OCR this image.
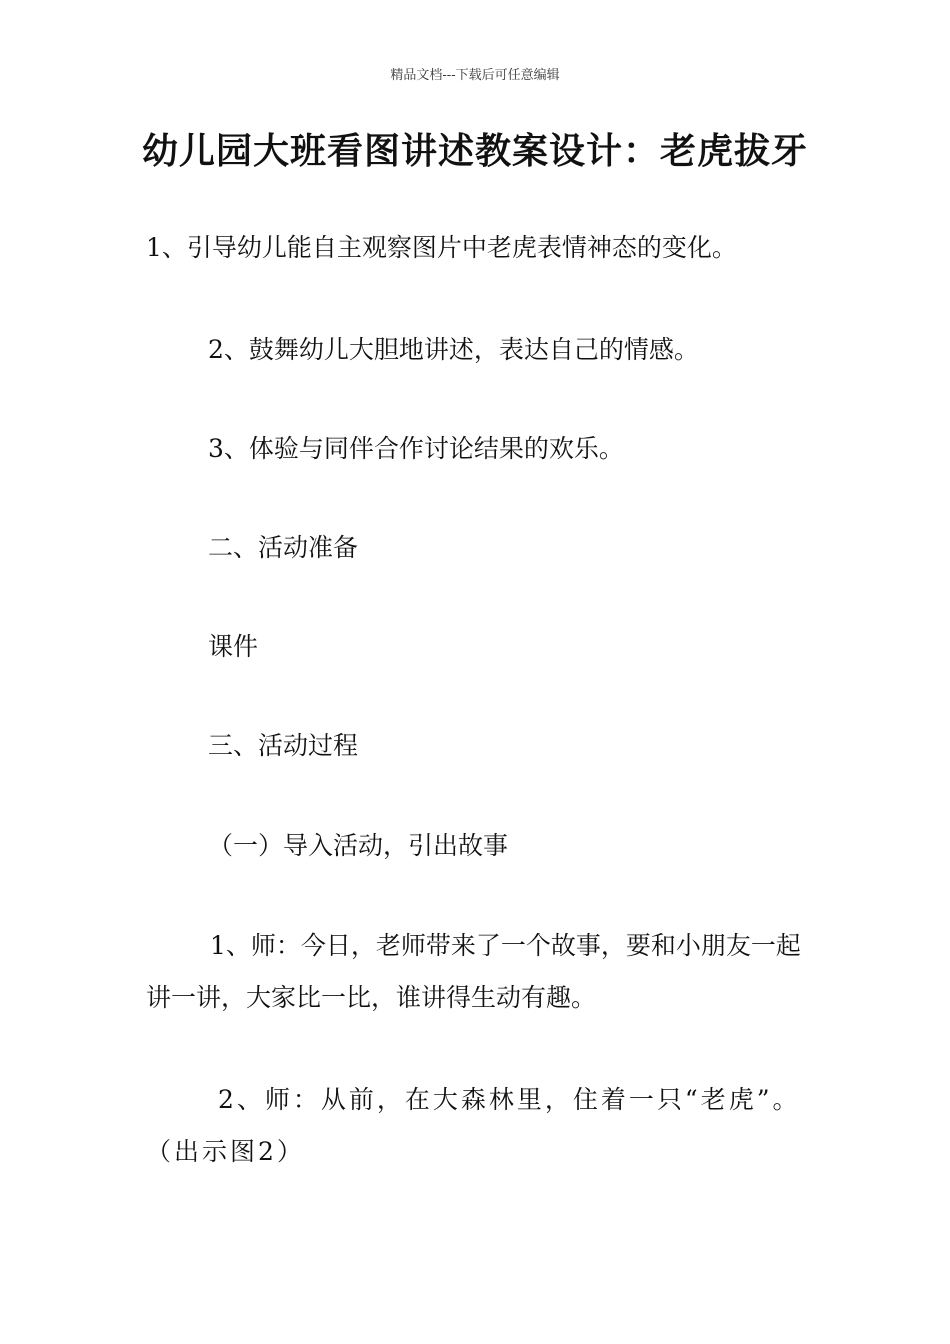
精品文档---下载后可任意编辑
幼儿园大班看图讲述教案设计：老虎拔牙
1、引导幼儿能自主观察图片中老虎表情神态的变化。
2、鼓舞幼儿大胆地讲述，表达自己的情感。
3、体验与同伴合作讨论结果的欢乐。
二、活动准备
课件
三、活动过程
（一）导入活动，引出故事
1、师：今日，老师带来了一个故事，要和小朋友一起讲一讲，大家比一比，谁讲得生动有趣。
2、师：从前，在大森林里，住着一只“老虎”。（出示图2）
